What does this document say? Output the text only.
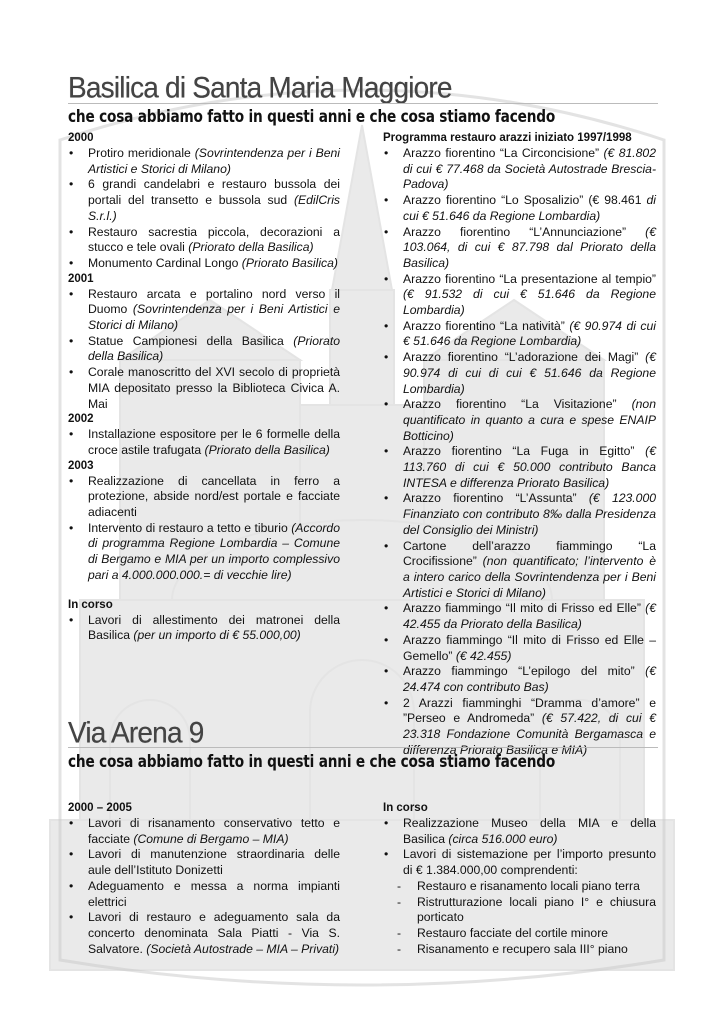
Basilica di Santa Maria Maggiore
che cosa abbiamo fatto in questi anni e che cosa stiamo facendo
2000
• Protiro meridionale (Sovrintendenza per i Beni Artistici e Storici di Milano)
• 6 grandi candelabri e restauro bussola dei portali del transetto e bussola sud (EdilCris S.r.l.)
• Restauro sacrestia piccola, decorazioni a stucco e tele ovali (Priorato della Basilica)
• Monumento Cardinal Longo (Priorato Basilica)
2001
• Restauro arcata e portalino nord verso il Duomo (Sovrintendenza per i Beni Artistici e Storici di Milano)
• Statue Campionesi della Basilica (Priorato della Basilica)
• Corale manoscritto del XVI secolo di proprietà MIA depositato presso la Biblioteca Civica A. Mai
2002
• Installazione espositore per le 6 formelle della croce astile trafugata (Priorato della Basilica)
2003
• Realizzazione di cancellata in ferro a protezione, abside nord/est portale e facciate adiacenti
• Intervento di restauro a tetto e tiburio (Accordo di programma Regione Lombardia – Comune di Bergamo e MIA per un importo complessivo pari a 4.000.000.000.= di vecchie lire)
In corso
• Lavori di allestimento dei matronei della Basilica (per un importo di € 55.000,00)
Programma restauro arazzi iniziato 1997/1998
• Arazzo fiorentino “La Circoncisione” (€ 81.802 di cui € 77.468 da Società Autostrade Brescia-Padova)
• Arazzo fiorentino “Lo Sposalizio” (€ 98.461 di cui € 51.646 da Regione Lombardia)
• Arazzo fiorentino “L’Annunciazione” (€ 103.064, di cui € 87.798 dal Priorato della Basilica)
• Arazzo fiorentino “La presentazione al tempio” (€ 91.532 di cui € 51.646 da Regione Lombardia)
• Arazzo fiorentino “La natività” (€ 90.974 di cui € 51.646 da Regione Lombardia)
• Arazzo fiorentino “L’adorazione dei Magi” (€ 90.974 di cui di cui € 51.646 da Regione Lombardia)
• Arazzo fiorentino “La Visitazione” (non quantificato in quanto a cura e spese ENAIP Botticino)
• Arazzo fiorentino “La Fuga in Egitto” (€ 113.760 di cui € 50.000 contributo Banca INTESA e differenza Priorato Basilica)
• Arazzo fiorentino “L’Assunta” (€ 123.000 Finanziato con contributo 8‰ dalla Presidenza del Consiglio dei Ministri)
• Cartone dell’arazzo fiammingo “La Crocifissione” (non quantificato; l’intervento è a intero carico della Sovrintendenza per i Beni Artistici e Storici di Milano)
• Arazzo fiammingo “Il mito di Frisso ed Elle” (€ 42.455 da Priorato della Basilica)
• Arazzo fiammingo “Il mito di Frisso ed Elle – Gemello” (€ 42.455)
• Arazzo fiammingo “L’epilogo del mito” (€ 24.474 con contributo Bas)
• 2 Arazzi fiamminghi “Dramma d’amore” e ”Perseo e Andromeda” (€ 57.422, di cui € 23.318 Fondazione Comunità Bergamasca e differenza Priorato Basilica e MIA)
Via Arena 9
che cosa abbiamo fatto in questi anni e che cosa stiamo facendo
2000 – 2005
• Lavori di risanamento conservativo tetto e facciate (Comune di Bergamo – MIA)
• Lavori di manutenzione straordinaria delle aule dell’Istituto Donizetti
• Adeguamento e messa a norma impianti elettrici
• Lavori di restauro e adeguamento sala da concerto denominata Sala Piatti - Via S. Salvatore. (Società Autostrade – MIA – Privati)
In corso
• Realizzazione Museo della MIA e della Basilica (circa 516.000 euro)
• Lavori di sistemazione per l’importo presunto di € 1.384.000,00 comprendenti:
- Restauro e risanamento locali piano terra
- Ristrutturazione locali piano I° e chiusura porticato
- Restauro facciate del cortile minore
- Risanamento e recupero sala III° piano
